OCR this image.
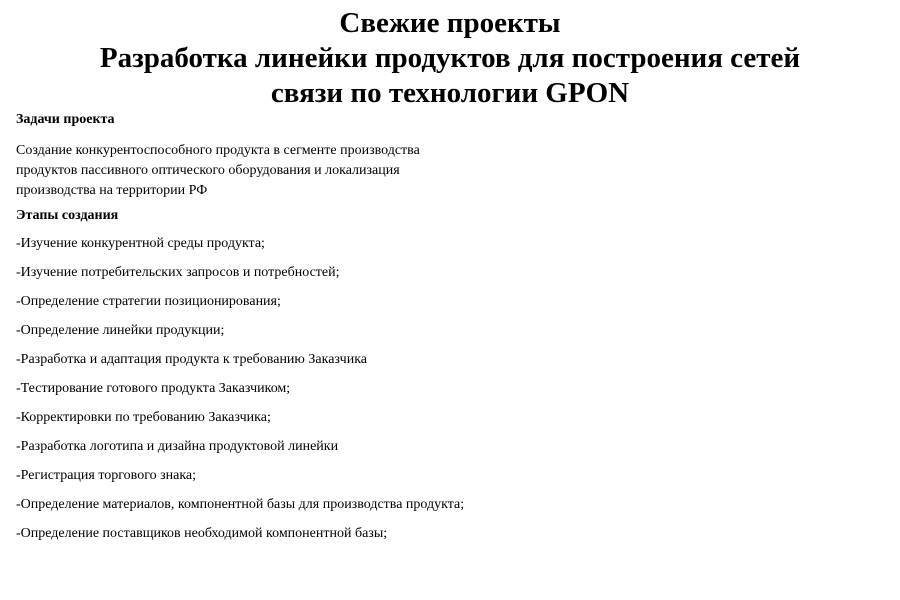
Свежие проекты
Разработка линейки продуктов для построения сетей
связи по технологии GPON
Задачи проекта
Создание конкурентоспособного продукта в сегменте производства
продуктов пассивного оптического оборудования и локализация
производства на территории РФ
Этапы создания
-Изучение конкурентной среды продукта;
-Изучение потребительских запросов и потребностей;
-Определение стратегии позиционирования;
-Определение линейки продукции;
-Разработка и адаптация продукта к требованию Заказчика
-Тестирование готового продукта Заказчиком;
-Корректировки по требованию Заказчика;
-Разработка логотипа и дизайна продуктовой линейки
-Регистрация торгового знака;
-Определение материалов, компонентной базы для производства продукта;
-Определение поставщиков необходимой компонентной базы;
